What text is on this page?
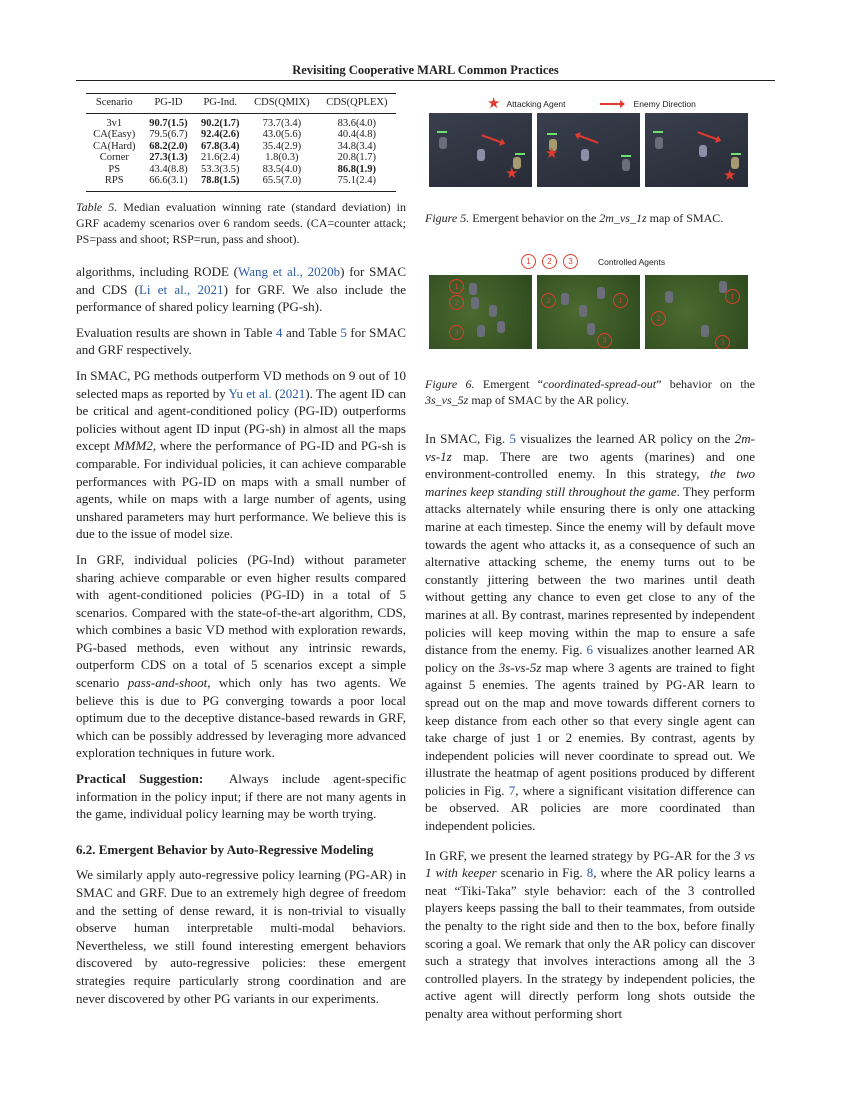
Revisiting Cooperative MARL Common Practices
Scenario	PG-ID	PG-Ind.	CDS(QMIX)	CDS(QPLEX)
3v1	90.7(1.5)	90.2(1.7)	73.7(3.4)	83.6(4.0)
CA(Easy)	79.5(6.7)	92.4(2.6)	43.0(5.6)	40.4(4.8)
CA(Hard)	68.2(2.0)	67.8(3.4)	35.4(2.9)	34.8(3.4)
Corner	27.3(1.3)	21.6(2.4)	1.8(0.3)	20.8(1.7)
PS	43.4(8.8)	53.3(3.5)	83.5(4.0)	86.8(1.9)
RPS	66.6(3.1)	78.8(1.5)	65.5(7.0)	75.1(2.4)
Table 5. Median evaluation winning rate (standard deviation) in GRF academy scenarios over 6 random seeds. (CA=counter attack; PS=pass and shoot; RSP=run, pass and shoot).
★ Attacking Agent	Enemy Direction
★
★
★
Figure 5. Emergent behavior on the 2m_vs_1z map of SMAC.
1	2	3	Controlled Agents
1
2
3
2	1
3
1
2
3
Figure 6. Emergent “coordinated-spread-out” behavior on the 3s_vs_5z map of SMAC by the AR policy.

algorithms, including RODE (Wang et al., 2020b) for SMAC and CDS (Li et al., 2021) for GRF. We also include the performance of shared policy learning (PG-sh).

Evaluation results are shown in Table 4 and Table 5 for SMAC and GRF respectively.

In SMAC, PG methods outperform VD methods on 9 out of 10 selected maps as reported by Yu et al. (2021). The agent ID can be critical and agent-conditioned policy (PG-ID) outperforms policies without agent ID input (PG-sh) in almost all the maps except MMM2, where the performance of PG-ID and PG-sh is comparable. For individual policies, it can achieve comparable performances with PG-ID on maps with a small number of agents, while on maps with a large number of agents, using unshared parameters may hurt performance. We believe this is due to the issue of model size.

In GRF, individual policies (PG-Ind) without parameter sharing achieve comparable or even higher results compared with agent-conditioned policies (PG-ID) in a total of 5 scenarios. Compared with the state-of-the-art algorithm, CDS, which combines a basic VD method with exploration rewards, PG-based methods, even without any intrinsic rewards, outperform CDS on a total of 5 scenarios except a simple scenario pass-and-shoot, which only has two agents. We believe this is due to PG converging towards a poor local optimum due to the deceptive distance-based rewards in GRF, which can be possibly addressed by leveraging more advanced exploration techniques in future work.

Practical Suggestion:  Always include agent-specific information in the policy input; if there are not many agents in the game, individual policy learning may be worth trying.

6.2. Emergent Behavior by Auto-Regressive Modeling

We similarly apply auto-regressive policy learning (PG-AR) in SMAC and GRF. Due to an extremely high degree of freedom and the setting of dense reward, it is non-trivial to visually observe human interpretable multi-modal behaviors. Nevertheless, we still found interesting emergent behaviors discovered by auto-regressive policies: these emergent strategies require particularly strong coordination and are never discovered by other PG variants in our experiments.

In SMAC, Fig. 5 visualizes the learned AR policy on the 2m-vs-1z map. There are two agents (marines) and one environment-controlled enemy. In this strategy, the two marines keep standing still throughout the game. They perform attacks alternately while ensuring there is only one attacking marine at each timestep. Since the enemy will by default move towards the agent who attacks it, as a consequence of such an alternative attacking scheme, the enemy turns out to be constantly jittering between the two marines until death without getting any chance to even get close to any of the marines at all. By contrast, marines represented by independent policies will keep moving within the map to ensure a safe distance from the enemy. Fig. 6 visualizes another learned AR policy on the 3s-vs-5z map where 3 agents are trained to fight against 5 enemies. The agents trained by PG-AR learn to spread out on the map and move towards different corners to keep distance from each other so that every single agent can take charge of just 1 or 2 enemies. By contrast, agents by independent policies will never coordinate to spread out. We illustrate the heatmap of agent positions produced by different policies in Fig. 7, where a significant visitation difference can be observed. AR policies are more coordinated than independent policies.

In GRF, we present the learned strategy by PG-AR for the 3 vs 1 with keeper scenario in Fig. 8, where the AR policy learns a neat “Tiki-Taka” style behavior: each of the 3 controlled players keeps passing the ball to their teammates, from outside the penalty to the right side and then to the box, before finally scoring a goal. We remark that only the AR policy can discover such a strategy that involves interactions among all the 3 controlled players. In the strategy by independent policies, the active agent will directly perform long shots outside the penalty area without performing short
